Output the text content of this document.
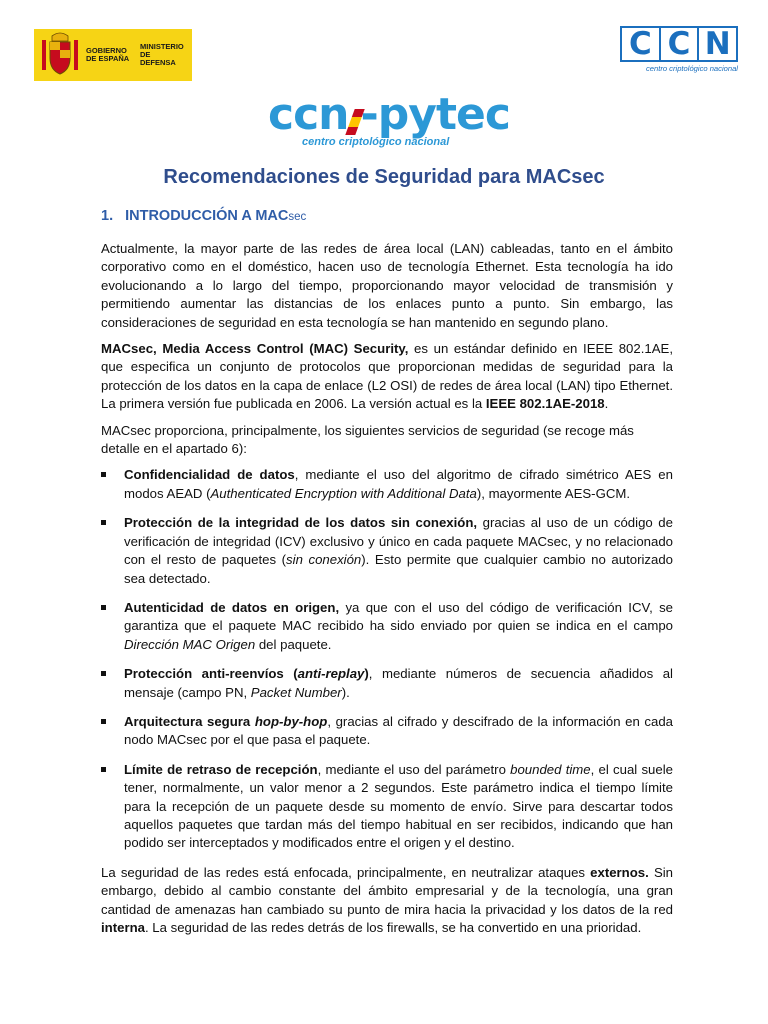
GOBIERNO
DE ESPAÑA
MINISTERIO
DE DEFENSA
C C N
centro criptológico nacional
ccn -pytec
centro criptológico nacional
Recomendaciones de Seguridad para MACsec
1. INTRODUCCIÓN A MACsec

Actualmente, la mayor parte de las redes de área local (LAN) cableadas, tanto en el ámbito corporativo como en el doméstico, hacen uso de tecnología Ethernet. Esta tecnología ha ido evolucionando a lo largo del tiempo, proporcionando mayor velocidad de transmisión y permitiendo aumentar las distancias de los enlaces punto a punto. Sin embargo, las consideraciones de seguridad en esta tecnología se han mantenido en segundo plano.

MACsec, Media Access Control (MAC) Security, es un estándar definido en IEEE 802.1AE, que especifica un conjunto de protocolos que proporcionan medidas de seguridad para la protección de los datos en la capa de enlace (L2 OSI) de redes de área local (LAN) tipo Ethernet. La primera versión fue publicada en 2006. La versión actual es la IEEE 802.1AE-2018.

MACsec proporciona, principalmente, los siguientes servicios de seguridad (se recoge más detalle en el apartado 6):

Confidencialidad de datos, mediante el uso del algoritmo de cifrado simétrico AES en modos AEAD (Authenticated Encryption with Additional Data), mayormente AES-GCM.
Protección de la integridad de los datos sin conexión, gracias al uso de un código de verificación de integridad (ICV) exclusivo y único en cada paquete MACsec, y no relacionado con el resto de paquetes (sin conexión). Esto permite que cualquier cambio no autorizado sea detectado.
Autenticidad de datos en origen, ya que con el uso del código de verificación ICV, se garantiza que el paquete MAC recibido ha sido enviado por quien se indica en el campo Dirección MAC Origen del paquete.
Protección anti-reenvíos (anti-replay), mediante números de secuencia añadidos al mensaje (campo PN, Packet Number).
Arquitectura segura hop-by-hop, gracias al cifrado y descifrado de la información en cada nodo MACsec por el que pasa el paquete.
Límite de retraso de recepción, mediante el uso del parámetro bounded time, el cual suele tener, normalmente, un valor menor a 2 segundos. Este parámetro indica el tiempo límite para la recepción de un paquete desde su momento de envío. Sirve para descartar todos aquellos paquetes que tardan más del tiempo habitual en ser recibidos, indicando que han podido ser interceptados y modificados entre el origen y el destino.

La seguridad de las redes está enfocada, principalmente, en neutralizar ataques externos. Sin embargo, debido al cambio constante del ámbito empresarial y de la tecnología, una gran cantidad de amenazas han cambiado su punto de mira hacia la privacidad y los datos de la red interna. La seguridad de las redes detrás de los firewalls, se ha convertido en una prioridad.
